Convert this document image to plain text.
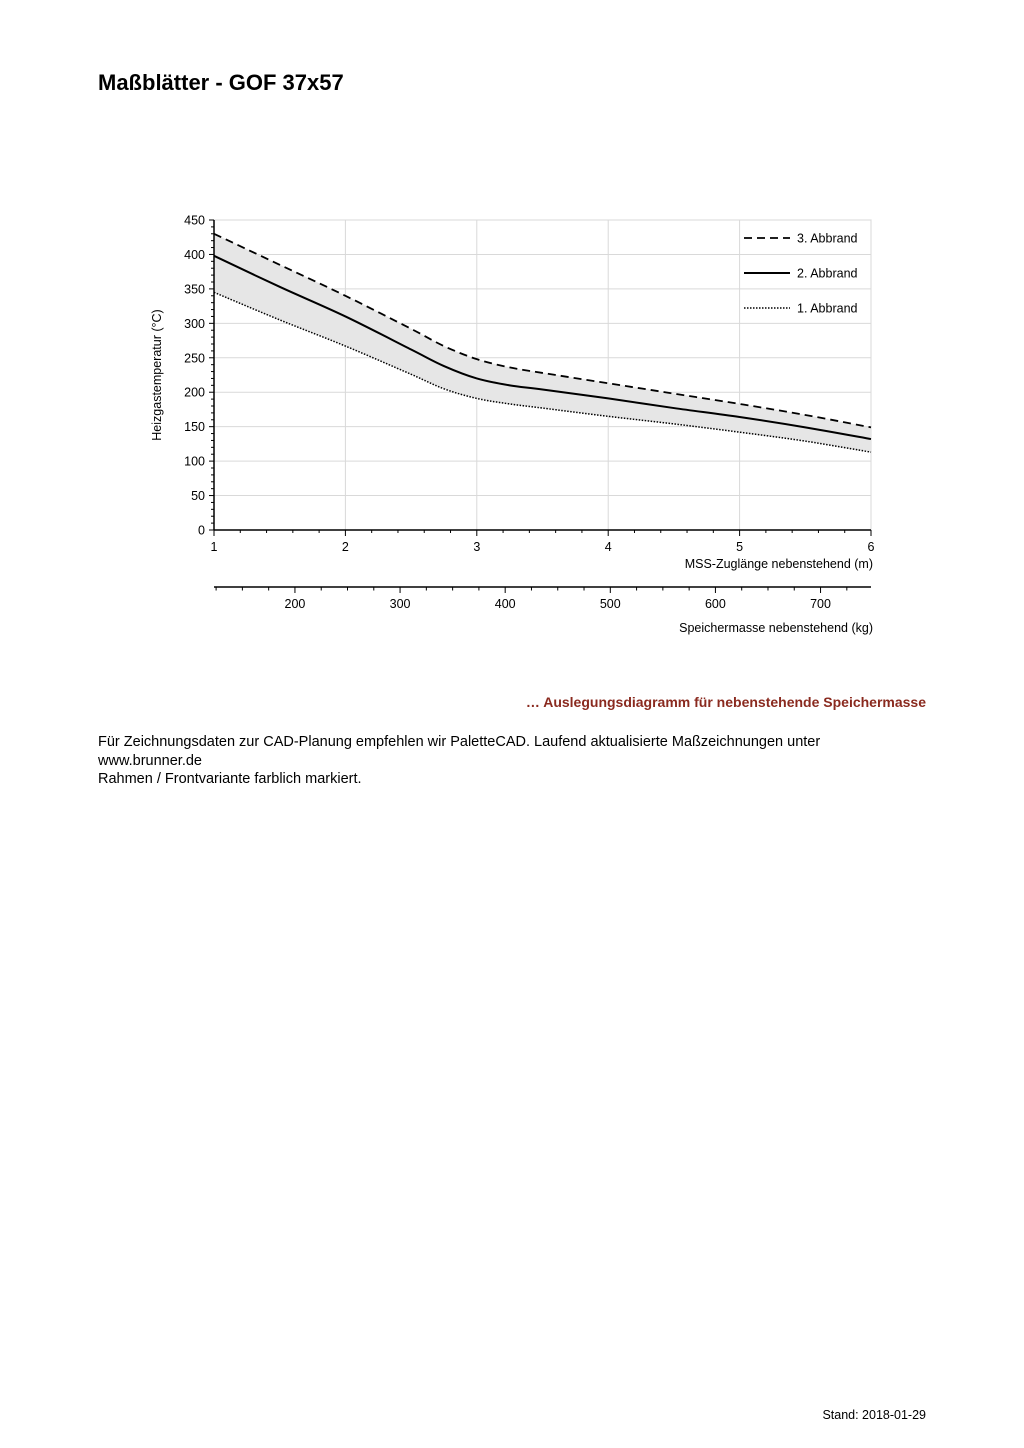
Maßblätter - GOF 37x57
0
50
100
150
200
250
300
350
400
450
1	2	3	4	5	6
MSS-Zuglänge nebenstehend (m)
Heizgastemperatur (°C)
3. Abbrand
2. Abbrand
1. Abbrand
200	300	400	500	600	700
Speichermasse nebenstehend (kg)
… Auslegungsdiagramm für nebenstehende Speichermasse
Für Zeichnungsdaten zur CAD-Planung empfehlen wir PaletteCAD. Laufend aktualisierte Maßzeichnungen unter
www.brunner.de
Rahmen / Frontvariante farblich markiert.
Stand: 2018-01-29
